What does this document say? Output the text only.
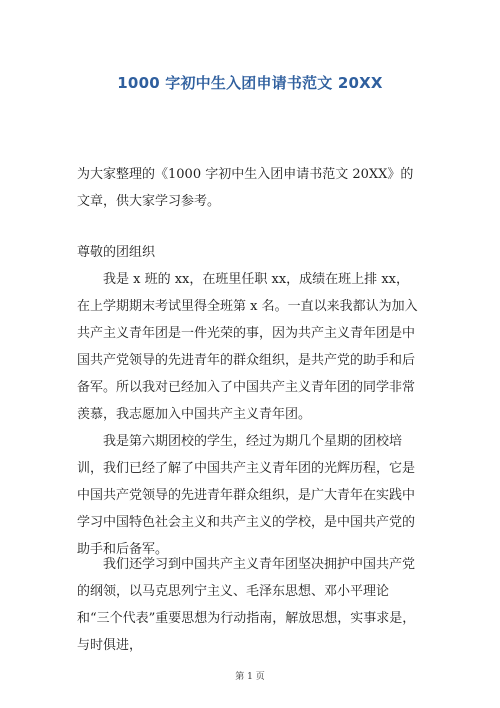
1000 字初中生入团申请书范文 20XX
为大家整理的《1000 字初中生入团申请书范文 20XX》的文章，供大家学习参考。
尊敬的团组织
我是 x 班的 xx，在班里任职 xx，成绩在班上排 xx，在上学期期末考试里得全班第 x 名。一直以来我都认为加入共产主义青年团是一件光荣的事，因为共产主义青年团是中国共产党领导的先进青年的群众组织，是共产党的助手和后备军。所以我对已经加入了中国共产主义青年团的同学非常羡慕，我志愿加入中国共产主义青年团。
我是第六期团校的学生，经过为期几个星期的团校培训，我们已经了解了中国共产主义青年团的光辉历程，它是中国共产党领导的先进青年群众组织，是广大青年在实践中学习中国特色社会主义和共产主义的学校，是中国共产党的助手和后备军。
我们还学习到中国共产主义青年团坚决拥护中国共产党的纲领，以马克思列宁主义、毛泽东思想、邓小平理论 和“三个代表”重要思想为行动指南，解放思想，实事求是，与时俱进，
第 1 页
